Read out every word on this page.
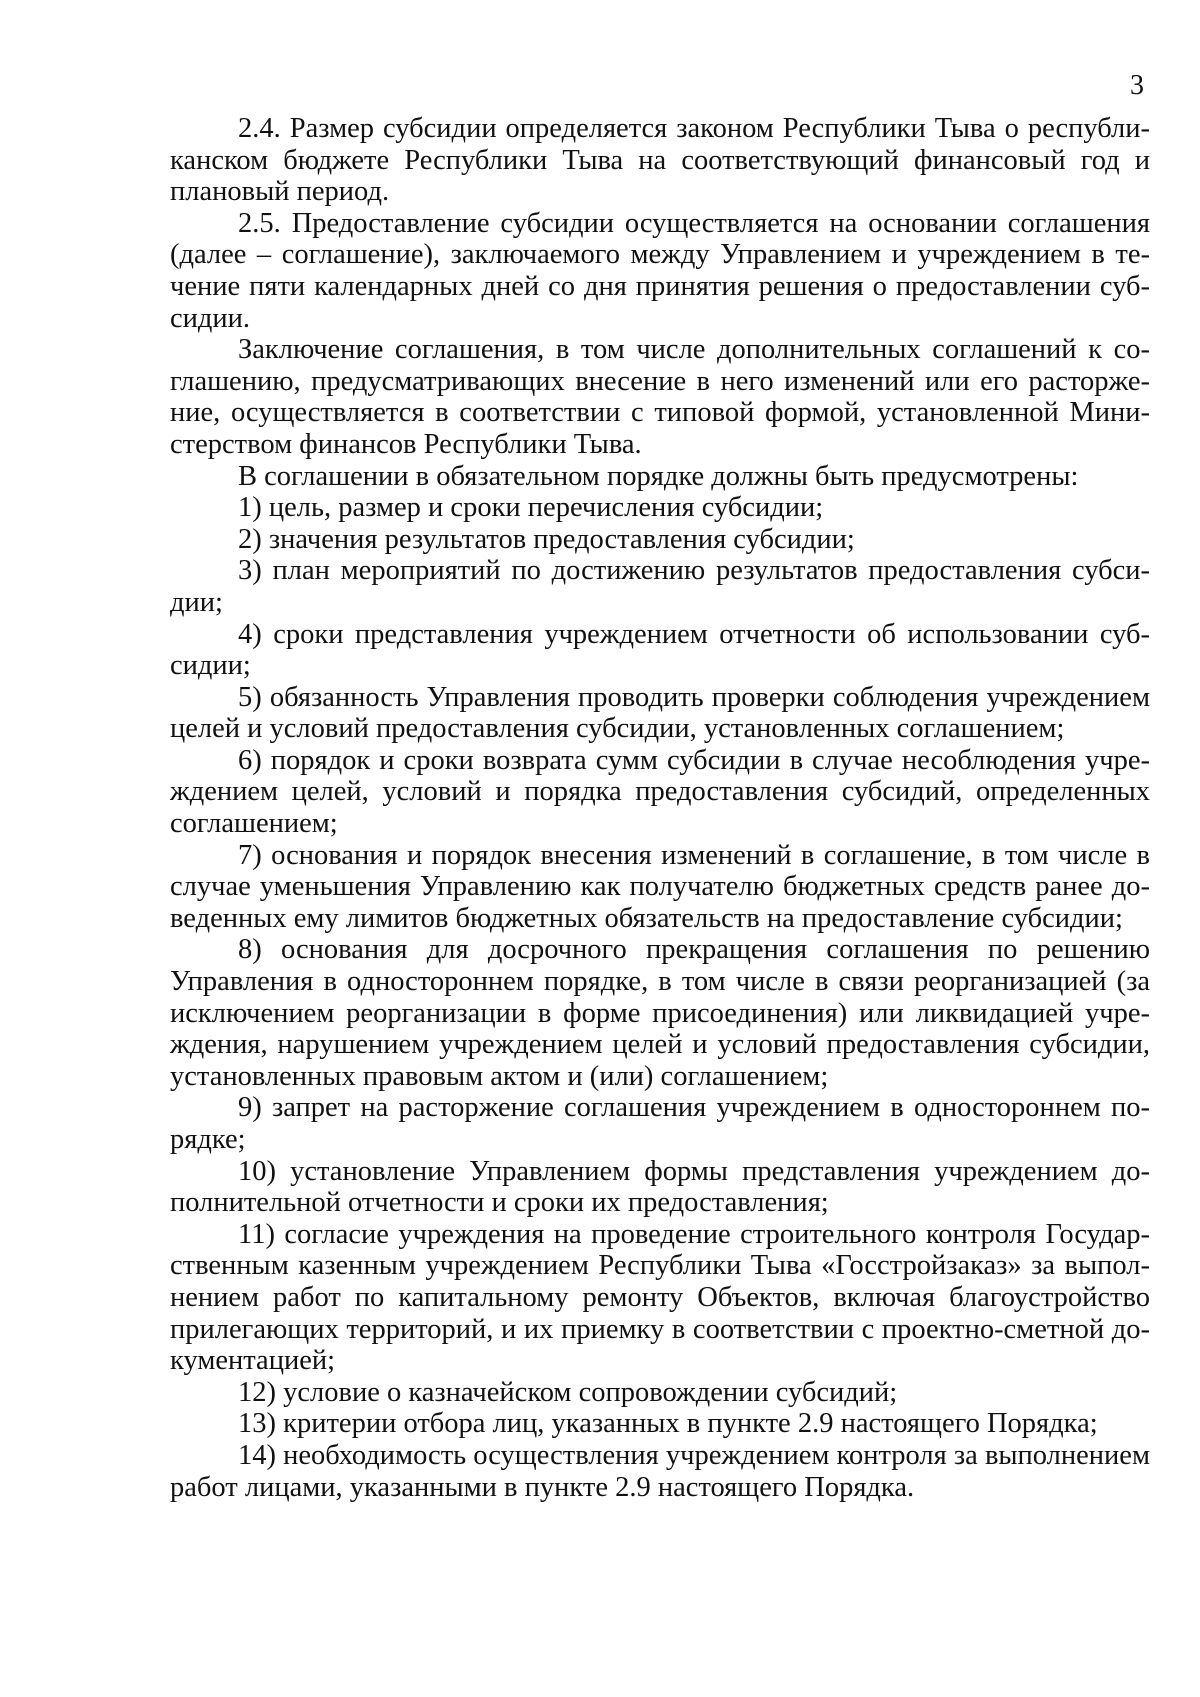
3

2.4. Размер субсидии определяется законом Республики Тыва о республиканском бюджете Республики Тыва на соответствующий финансовый год и плановый период.

2.5. Предоставление субсидии осуществляется на основании соглашения (далее – соглашение), заключаемого между Управлением и учреждением в течение пяти календарных дней со дня принятия решения о предоставлении субсидии.

Заключение соглашения, в том числе дополнительных соглашений к соглашению, предусматривающих внесение в него изменений или его расторжение, осуществляется в соответствии с типовой формой, установленной Министерством финансов Республики Тыва.

В соглашении в обязательном порядке должны быть предусмотрены:

1) цель, размер и сроки перечисления субсидии;

2) значения результатов предоставления субсидии;

3) план мероприятий по достижению результатов предоставления субсидии;

4) сроки представления учреждением отчетности об использовании субсидии;

5) обязанность Управления проводить проверки соблюдения учреждением целей и условий предоставления субсидии, установленных соглашением;

6) порядок и сроки возврата сумм субсидии в случае несоблюдения учреждением целей, условий и порядка предоставления субсидий, определенных соглашением;

7) основания и порядок внесения изменений в соглашение, в том числе в случае уменьшения Управлению как получателю бюджетных средств ранее доведенных ему лимитов бюджетных обязательств на предоставление субсидии;

8) основания для досрочного прекращения соглашения по решению Управления в одностороннем порядке, в том числе в связи реорганизацией (за исключением реорганизации в форме присоединения) или ликвидацией учреждения, нарушением учреждением целей и условий предоставления субсидии, установленных правовым актом и (или) соглашением;

9) запрет на расторжение соглашения учреждением в одностороннем порядке;

10) установление Управлением формы представления учреждением дополнительной отчетности и сроки их предоставления;

11) согласие учреждения на проведение строительного контроля Государственным казенным учреждением Республики Тыва «Госстройзаказ» за выполнением работ по капитальному ремонту Объектов, включая благоустройство прилегающих территорий, и их приемку в соответствии с проектно-сметной документацией;

12) условие о казначейском сопровождении субсидий;

13) критерии отбора лиц, указанных в пункте 2.9 настоящего Порядка;

14) необходимость осуществления учреждением контроля за выполнением работ лицами, указанными в пункте 2.9 настоящего Порядка.
